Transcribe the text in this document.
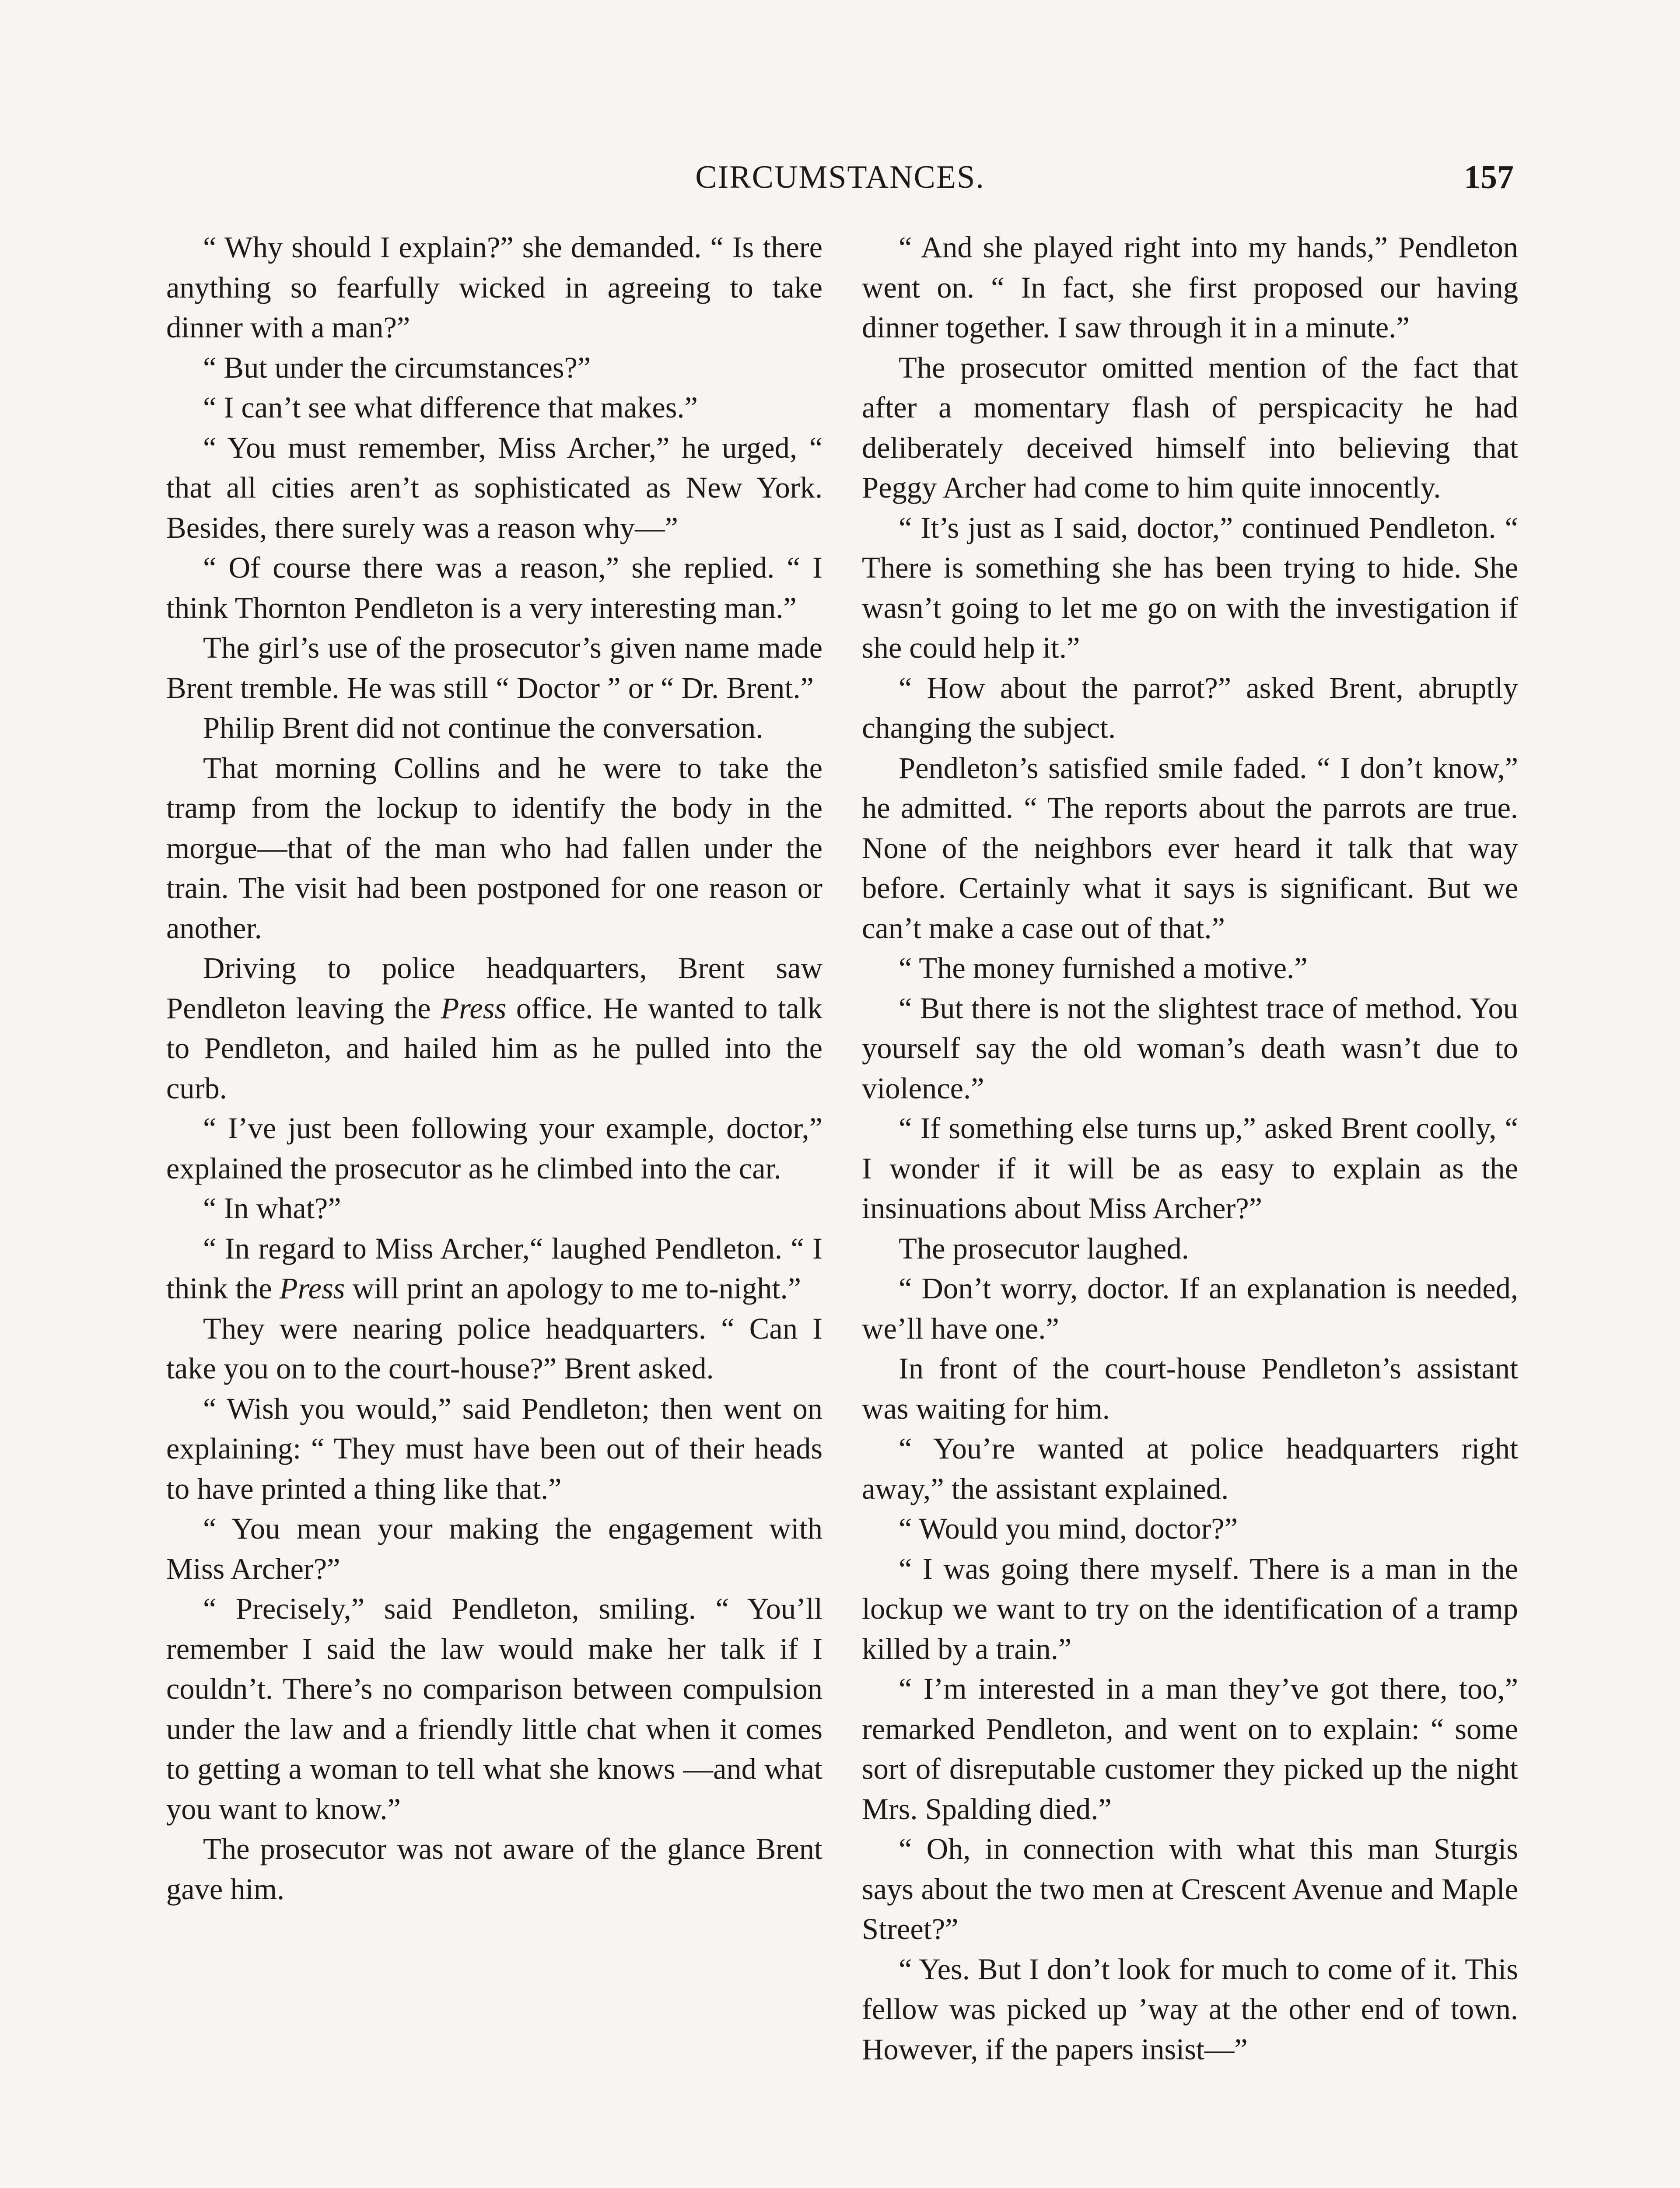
CIRCUMSTANCES.	157

“ Why should I explain?” she demanded. “ Is there anything so fearfully wicked in agreeing to take dinner with a man?”

“ But under the circumstances?”

“ I can’t see what difference that makes.”

“ You must remember, Miss Archer,” he urged, “ that all cities aren’t as sophisticated as New York. Besides, there surely was a reason why—”

“ Of course there was a reason,” she replied. “ I think Thornton Pendleton is a very interesting man.”

The girl’s use of the prosecutor’s given name made Brent tremble. He was still “ Doctor ” or “ Dr. Brent.”

Philip Brent did not continue the conversation.

That morning Collins and he were to take the tramp from the lockup to identify the body in the morgue—that of the man who had fallen under the train. The visit had been postponed for one reason or another.

Driving to police headquarters, Brent saw Pendleton leaving the Press office. He wanted to talk to Pendleton, and hailed him as he pulled into the curb.

“ I’ve just been following your example, doctor,” explained the prosecutor as he climbed into the car.

“ In what?”

“ In regard to Miss Archer,“ laughed Pendleton. “ I think the Press will print an apology to me to-night.”

They were nearing police headquarters. “ Can I take you on to the court-house?” Brent asked.

“ Wish you would,” said Pendleton; then went on explaining: “ They must have been out of their heads to have printed a thing like that.”

“ You mean your making the engagement with Miss Archer?”

“ Precisely,” said Pendleton, smiling. “ You’ll remember I said the law would make her talk if I couldn’t. There’s no comparison between compulsion under the law and a friendly little chat when it comes to getting a woman to tell what she knows —and what you want to know.”

The prosecutor was not aware of the glance Brent gave him.

“ And she played right into my hands,” Pendleton went on. “ In fact, she first proposed our having dinner together. I saw through it in a minute.”

The prosecutor omitted mention of the fact that after a momentary flash of perspicacity he had deliberately deceived himself into believing that Peggy Archer had come to him quite innocently.

“ It’s just as I said, doctor,” continued Pendleton. “ There is something she has been trying to hide. She wasn’t going to let me go on with the investigation if she could help it.”

“ How about the parrot?” asked Brent, abruptly changing the subject.

Pendleton’s satisfied smile faded. “ I don’t know,” he admitted. “ The reports about the parrots are true. None of the neighbors ever heard it talk that way before. Certainly what it says is significant. But we can’t make a case out of that.”

“ The money furnished a motive.”

“ But there is not the slightest trace of method. You yourself say the old woman’s death wasn’t due to violence.”

“ If something else turns up,” asked Brent coolly, “ I wonder if it will be as easy to explain as the insinuations about Miss Archer?”

The prosecutor laughed.

“ Don’t worry, doctor. If an explanation is needed, we’ll have one.”

In front of the court-house Pendleton’s assistant was waiting for him.

“ You’re wanted at police headquarters right away,” the assistant explained.

“ Would you mind, doctor?”

“ I was going there myself. There is a man in the lockup we want to try on the identification of a tramp killed by a train.”

“ I’m interested in a man they’ve got there, too,” remarked Pendleton, and went on to explain: “ some sort of disreputable customer they picked up the night Mrs. Spalding died.”

“ Oh, in connection with what this man Sturgis says about the two men at Crescent Avenue and Maple Street?”

“ Yes. But I don’t look for much to come of it. This fellow was picked up ’way at the other end of town. However, if the papers insist—”
